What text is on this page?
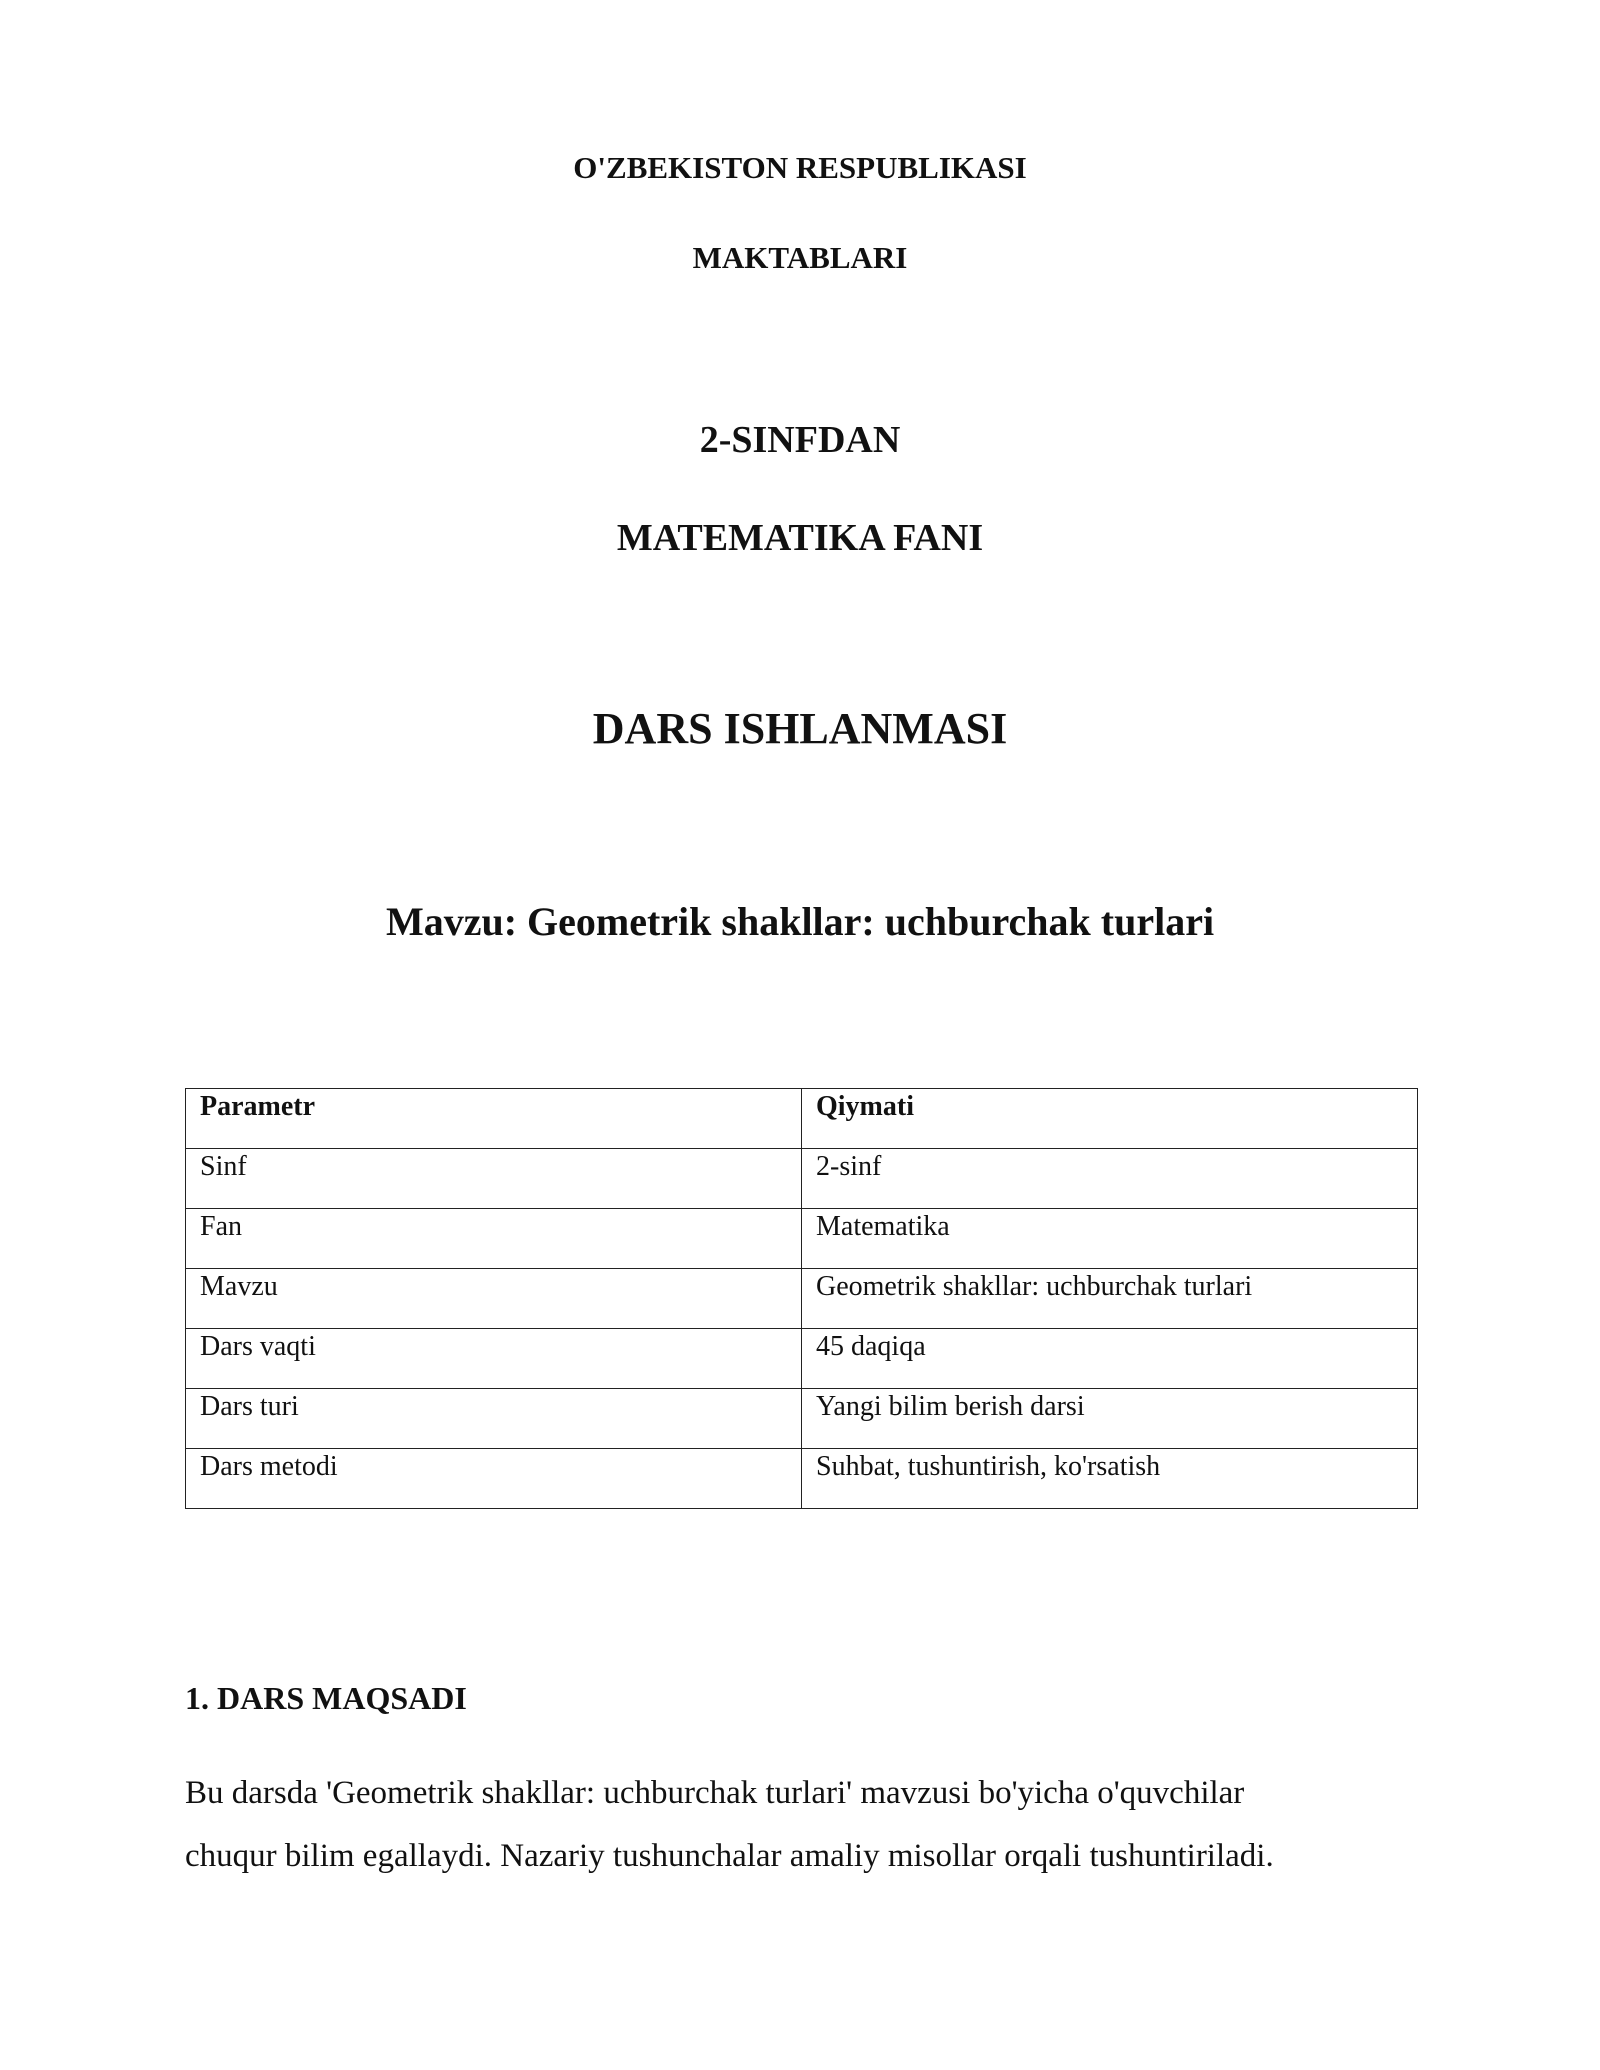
O'ZBEKISTON RESPUBLIKASI
MAKTABLARI
2-SINFDAN
MATEMATIKA FANI
DARS ISHLANMASI
Mavzu: Geometrik shakllar: uchburchak turlari
Parametr	Qiymati
Sinf	2-sinf
Fan	Matematika
Mavzu	Geometrik shakllar: uchburchak turlari
Dars vaqti	45 daqiqa
Dars turi	Yangi bilim berish darsi
Dars metodi	Suhbat, tushuntirish, ko'rsatish
1. DARS MAQSADI
Bu darsda 'Geometrik shakllar: uchburchak turlari' mavzusi bo'yicha o'quvchilar
chuqur bilim egallaydi. Nazariy tushunchalar amaliy misollar orqali tushuntiriladi.
